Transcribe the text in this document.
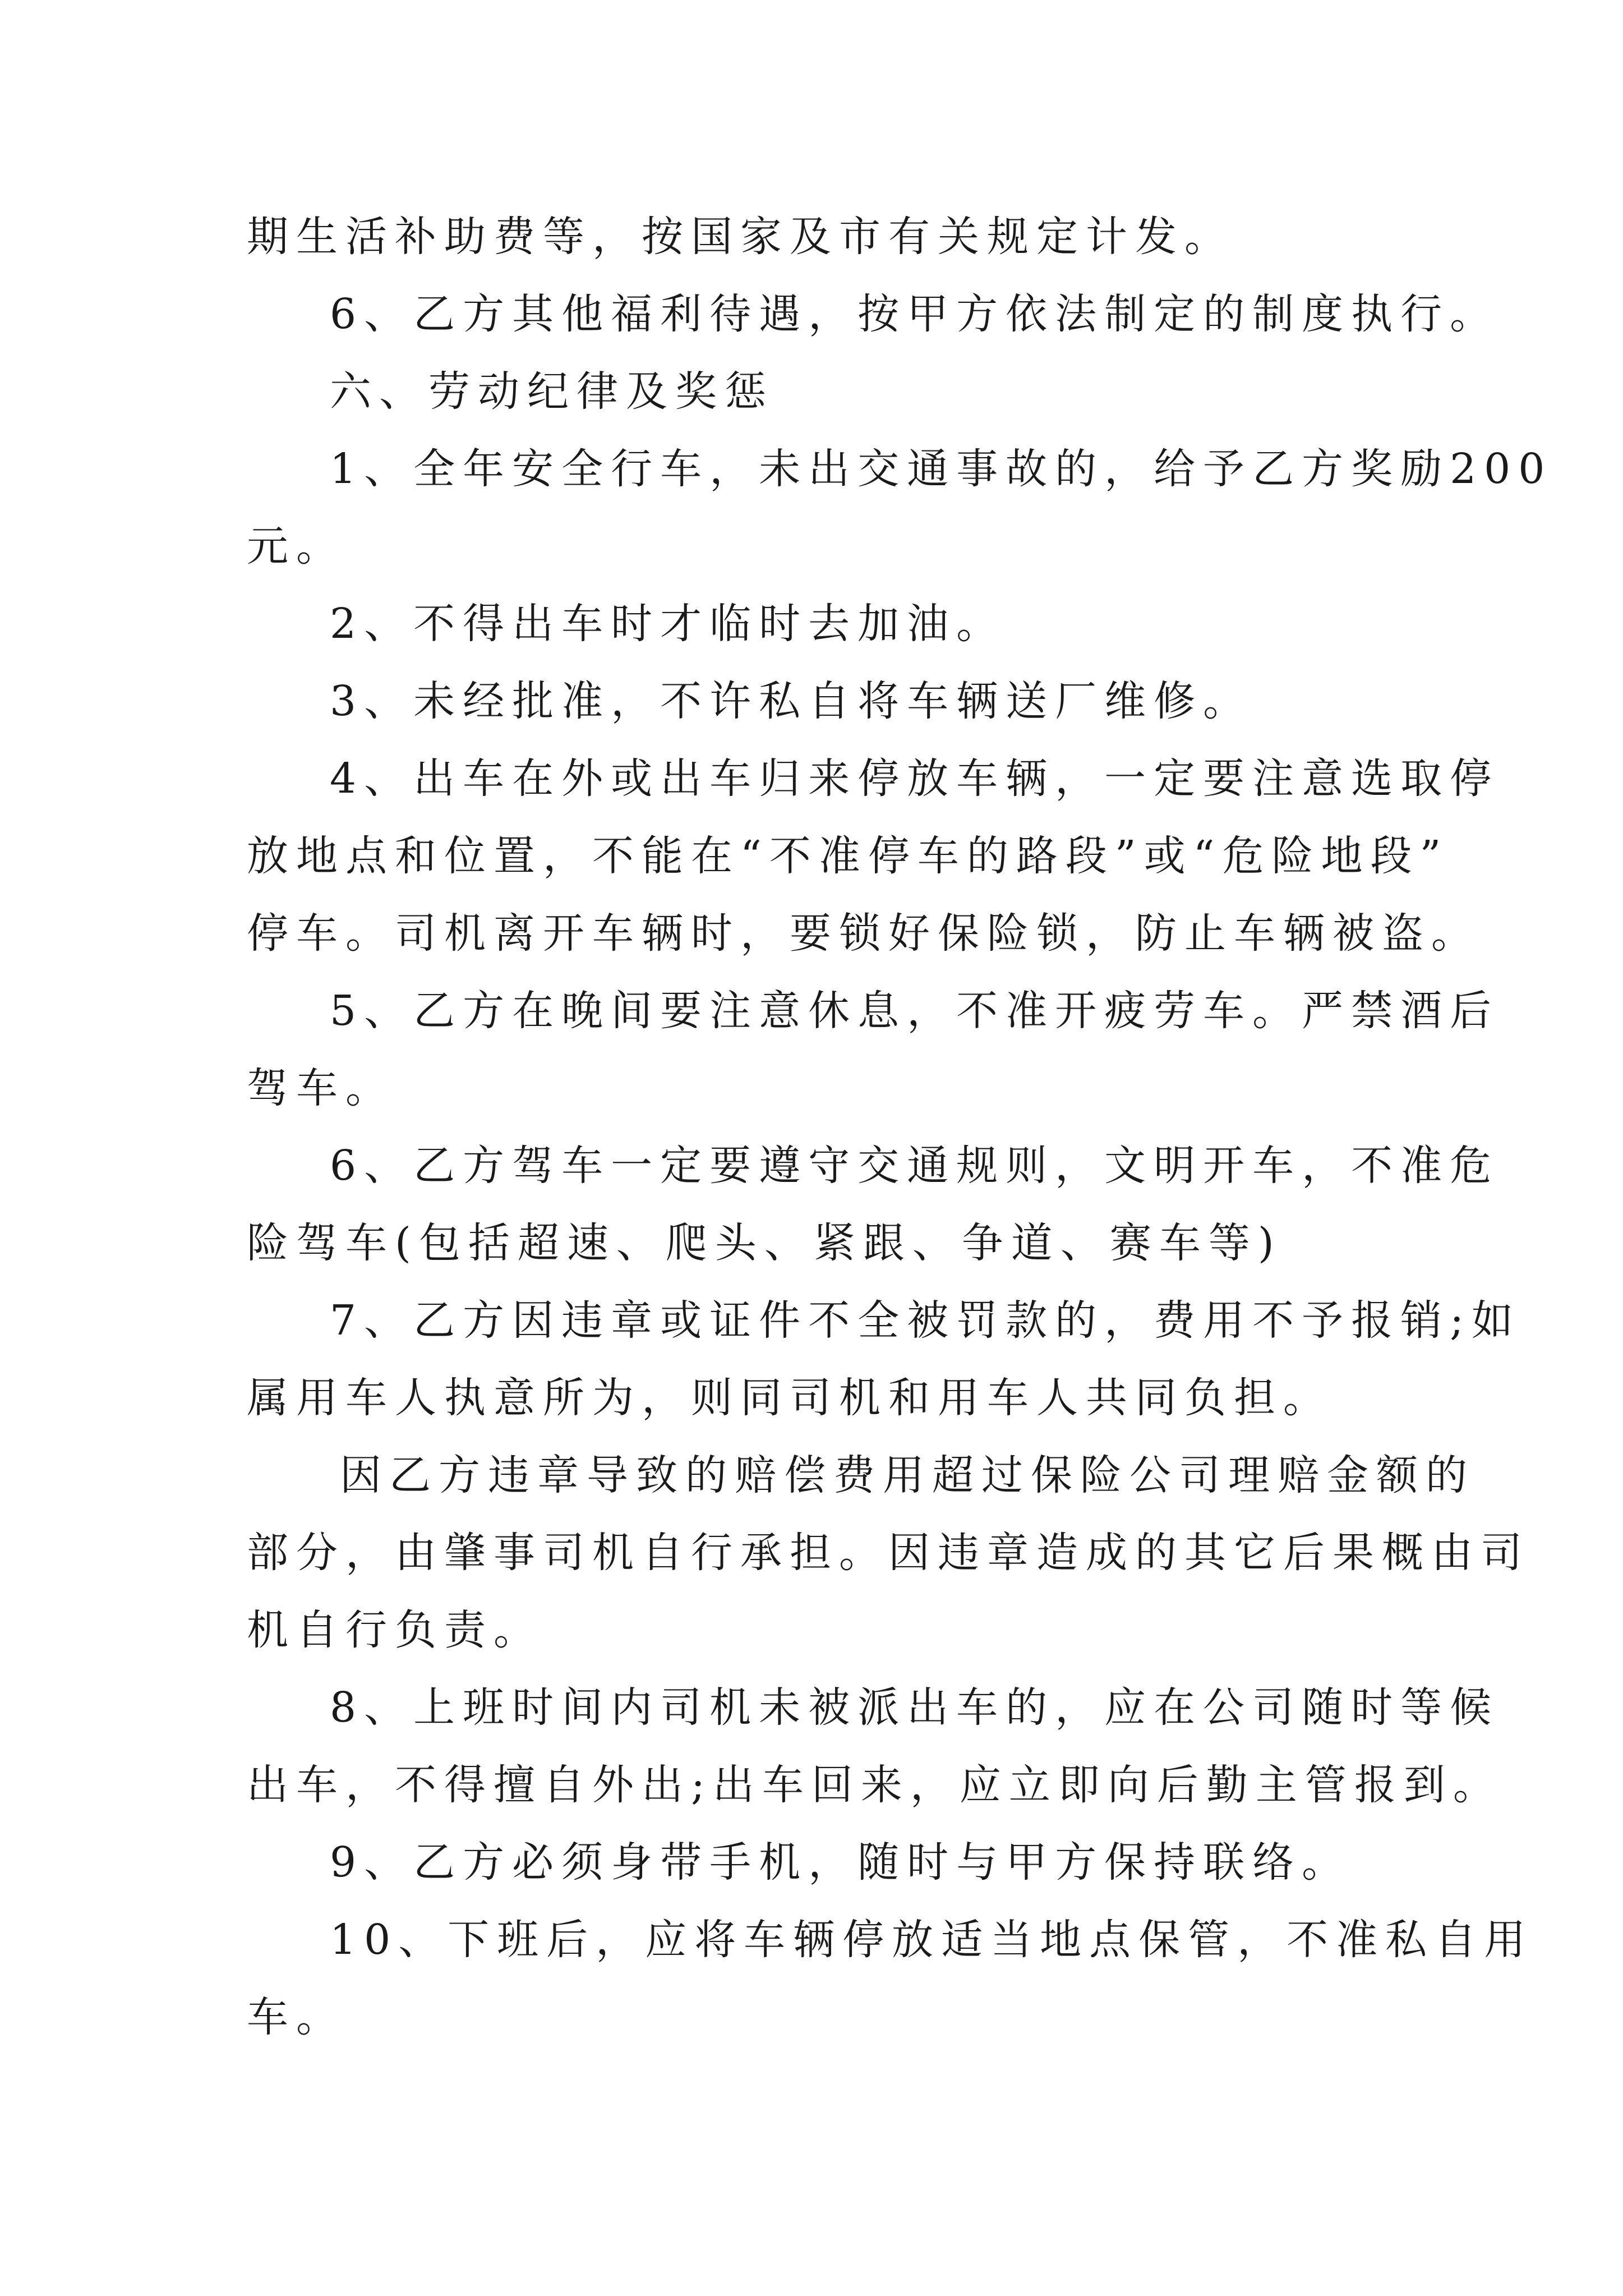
期生活补助费等，按国家及市有关规定计发。
6、乙方其他福利待遇，按甲方依法制定的制度执行。
六、劳动纪律及奖惩
1、全年安全行车，未出交通事故的，给予乙方奖励200
元。
2、不得出车时才临时去加油。
3、未经批准，不许私自将车辆送厂维修。
4、出车在外或出车归来停放车辆，一定要注意选取停
放地点和位置，不能在“不准停车的路段”或“危险地段”
停车。司机离开车辆时，要锁好保险锁，防止车辆被盗。
5、乙方在晚间要注意休息，不准开疲劳车。严禁酒后
驾车。
6、乙方驾车一定要遵守交通规则，文明开车，不准危
险驾车(包括超速、爬头、紧跟、争道、赛车等)
7、乙方因违章或证件不全被罚款的，费用不予报销;如
属用车人执意所为，则同司机和用车人共同负担。
因乙方违章导致的赔偿费用超过保险公司理赔金额的
部分，由肇事司机自行承担。因违章造成的其它后果概由司
机自行负责。
8、上班时间内司机未被派出车的，应在公司随时等候
出车，不得擅自外出;出车回来，应立即向后勤主管报到。
9、乙方必须身带手机，随时与甲方保持联络。
10、下班后，应将车辆停放适当地点保管，不准私自用
车。
